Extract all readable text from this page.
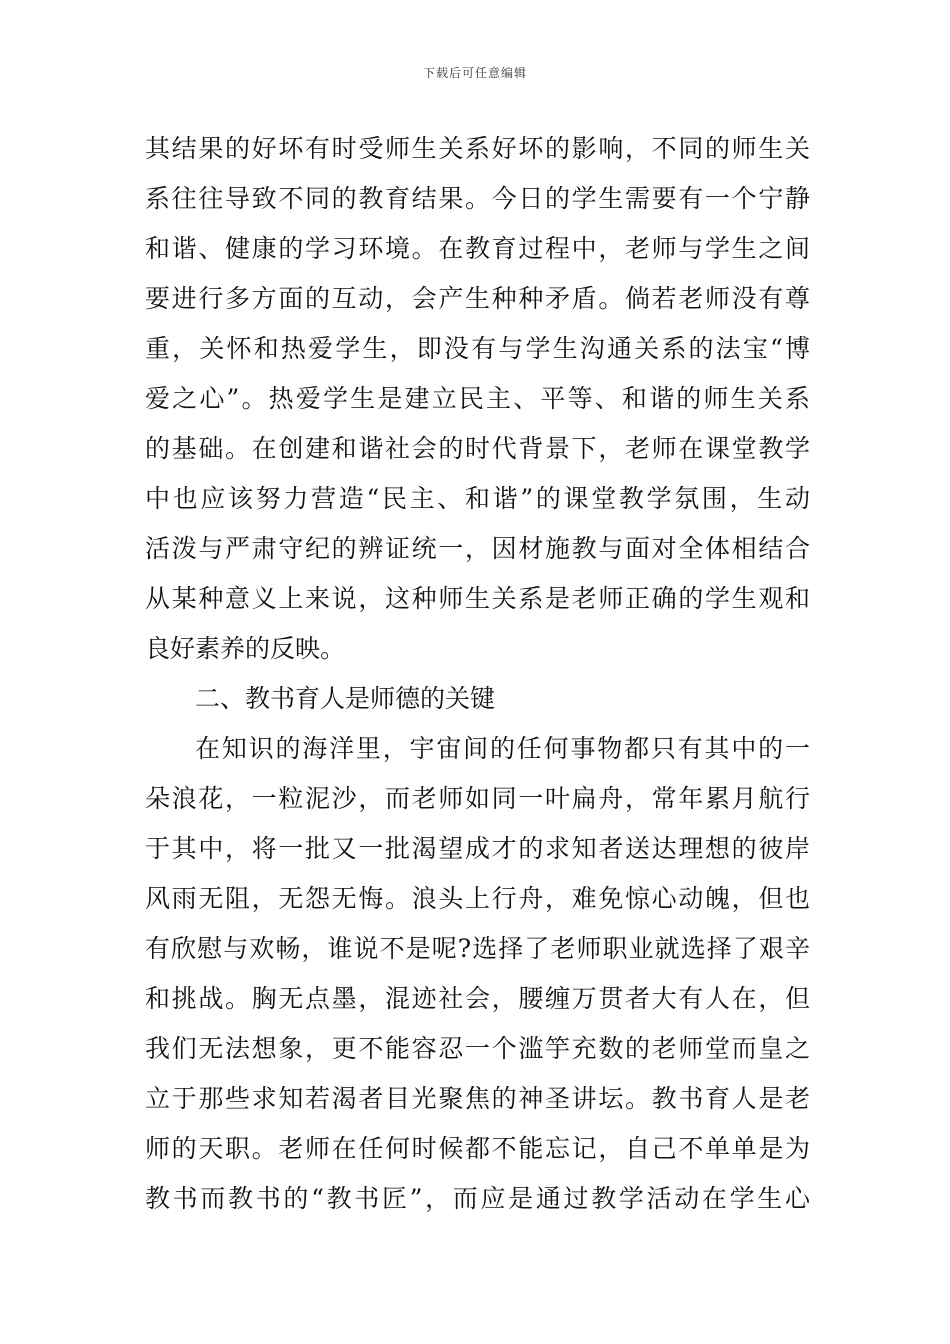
下载后可任意编辑
其结果的好坏有时受师生关系好坏的影响，不同的师生关
系往往导致不同的教育结果。今日的学生需要有一个宁静
和谐、健康的学习环境。在教育过程中，老师与学生之间
要进行多方面的互动，会产生种种矛盾。倘若老师没有尊
重，关怀和热爱学生，即没有与学生沟通关系的法宝“博
爱之心”。热爱学生是建立民主、平等、和谐的师生关系
的基础。在创建和谐社会的时代背景下，老师在课堂教学
中也应该努力营造“民主、和谐”的课堂教学氛围，生动
活泼与严肃守纪的辨证统一，因材施教与面对全体相结合
从某种意义上来说，这种师生关系是老师正确的学生观和
良好素养的反映。
二、教书育人是师德的关键
在知识的海洋里，宇宙间的任何事物都只有其中的一
朵浪花，一粒泥沙，而老师如同一叶扁舟，常年累月航行
于其中，将一批又一批渴望成才的求知者送达理想的彼岸
风雨无阻，无怨无悔。浪头上行舟，难免惊心动魄，但也
有欣慰与欢畅，谁说不是呢?选择了老师职业就选择了艰辛
和挑战。胸无点墨，混迹社会，腰缠万贯者大有人在，但
我们无法想象，更不能容忍一个滥竽充数的老师堂而皇之
立于那些求知若渴者目光聚焦的神圣讲坛。教书育人是老
师的天职。老师在任何时候都不能忘记，自己不单单是为
教书而教书的“教书匠”，而应是通过教学活动在学生心
